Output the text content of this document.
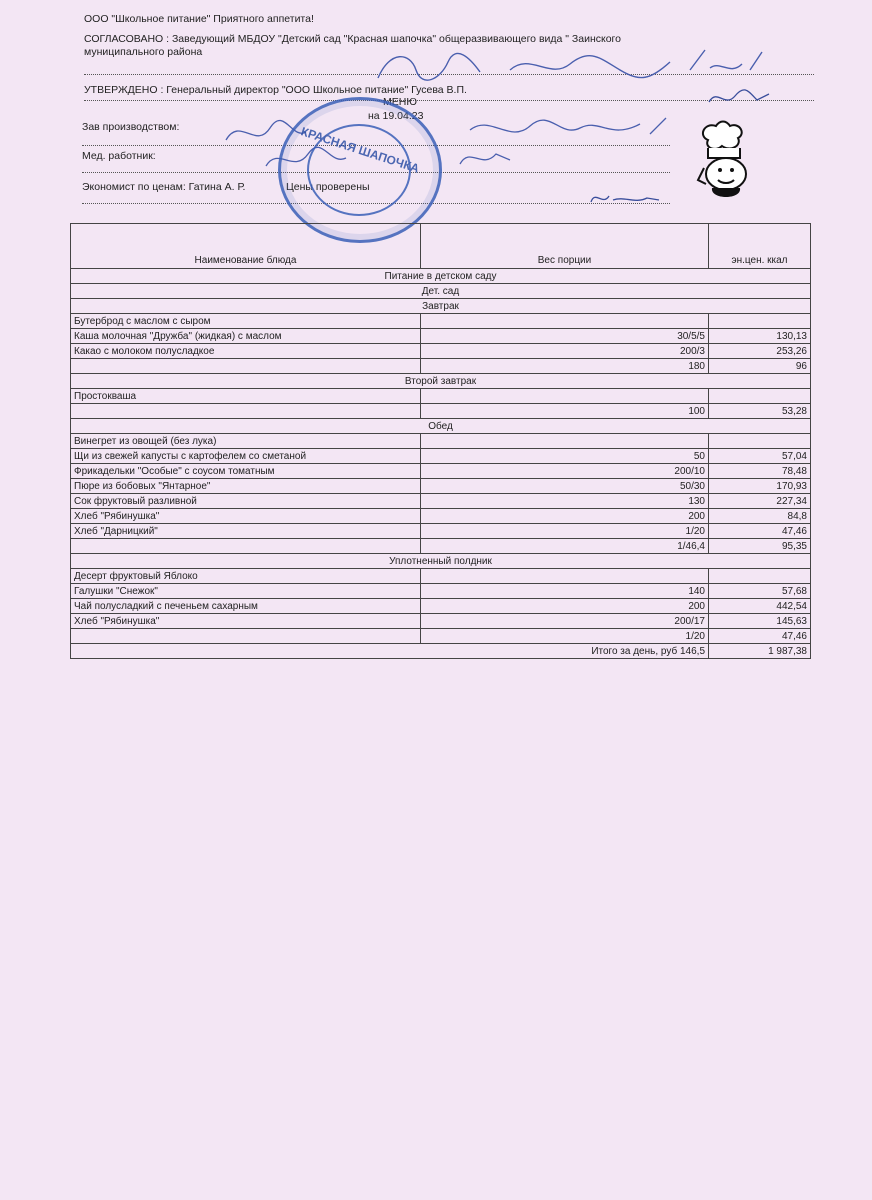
ООО "Школьное питание" Приятного аппетита!
СОГЛАСОВАНО : Заведующий МБДОУ "Детский сад "Красная шапочка" общеразвивающего вида " Заинского
муниципального района
УТВЕРЖДЕНО : Генеральный директор "ООО Школьное питание" Гусева В.П.
МЕНЮ
на 19.04.23
Зав производством:
Мед. работник:
Экономист по ценам: Гатина А. Р.	Цены проверены
КРАСНАЯ ШАПОЧКА
Наименование блюда	Вес порции	эн.цен. ккал
Питание в детском саду		
Дет. сад		
Завтрак		
Бутерброд с маслом с сыром		
Каша молочная "Дружба" (жидкая) с маслом	30/5/5	130,13
Какао с молоком полусладкое	200/3	253,26
	180	96
Второй завтрак		
Простокваша		
	100	53,28
Обед		
Винегрет из овощей (без лука)		
Щи из свежей капусты с картофелем со сметаной	50	57,04
Фрикадельки "Особые" с соусом томатным	200/10	78,48
Пюре из бобовых "Янтарное"	50/30	170,93
Сок фруктовый разливной	130	227,34
Хлеб "Рябинушка"	200	84,8
Хлеб "Дарницкий"	1/20	47,46
	1/46,4	95,35
Уплотненный полдник		
Десерт фруктовый Яблоко		
Галушки "Снежок"	140	57,68
Чай полусладкий с печеньем сахарным	200	442,54
Хлеб "Рябинушка"	200/17	145,63
	1/20	47,46
	Итого за день, руб 146,5	1 987,38
